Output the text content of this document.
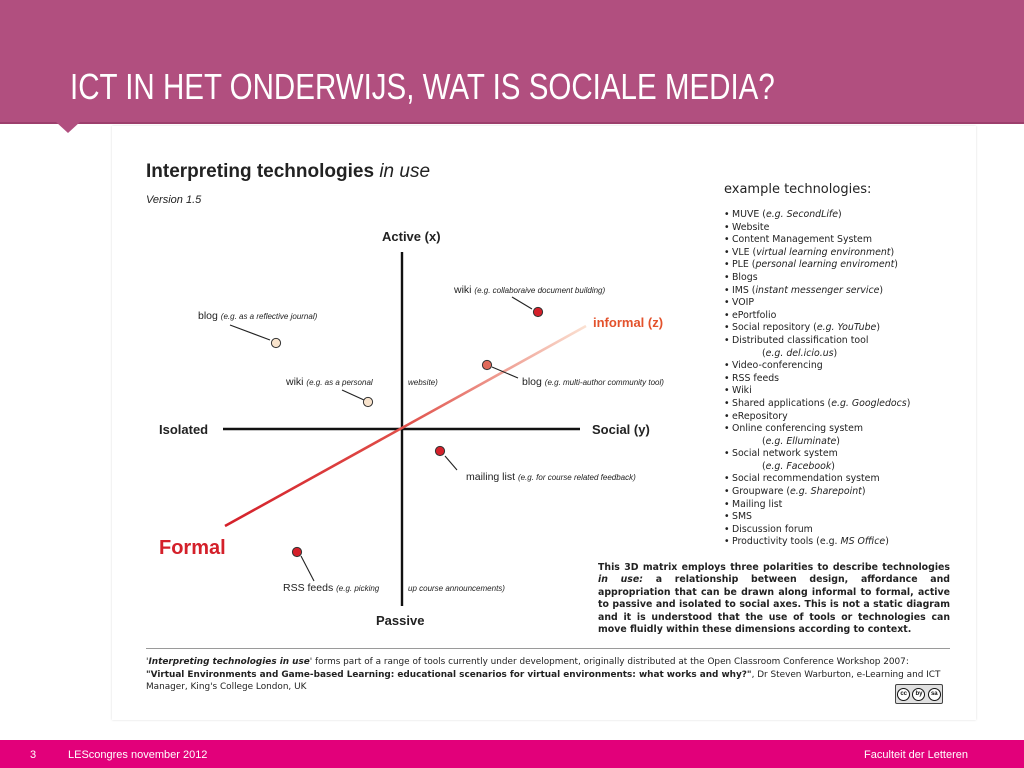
ICT IN HET ONDERWIJS, WAT IS SOCIALE MEDIA?
Interpreting technologies in use
Version 1.5
Active (x)
Passive
Isolated	Social (y)
informal (z)
Formal
blog (e.g. as a reflective journal)
wiki (e.g. collaboraive document building)
wiki (e.g. as a personal	website)	blog (e.g. multi-author community tool)
mailing list (e.g. for course related feedback)
RSS feeds (e.g. picking	up course announcements)
example technologies:
• MUVE (e.g. SecondLife)
• Website
• Content Management System
• VLE (virtual learning environment)
• PLE (personal learning enviroment)
• Blogs
• IMS (instant messenger service)
• VOIP
• ePortfolio
• Social repository (e.g. YouTube)
• Distributed classification tool
(e.g. del.icio.us)
• Video-conferencing
• RSS feeds
• Wiki
• Shared applications (e.g. Googledocs)
• eRepository
• Online conferencing system
(e.g. Elluminate)
• Social network system
(e.g. Facebook)
• Social recommendation system
• Groupware (e.g. Sharepoint)
• Mailing list
• SMS
• Discussion forum
• Productivity tools (e.g. MS Office)

This 3D matrix employs three polarities to describe technologies in use: a relationship between design, affordance and appropriation that can be drawn along informal to formal, active to passive and isolated to social axes. This is not a static diagram and it is understood that the use of tools or technologies can move fluidly within these dimensions according to context.

'Interpreting technologies in use' forms part of a range of tools currently under development, originally distributed at the Open Classroom Conference Workshop 2007:
"Virtual Environments and Game-based Learning: educational scenarios for virtual environments: what works and why?", Dr Steven Warburton, e-Learning and ICT Manager, King's College London, UK

cc	by	sa
3	LEScongres november 2012	Faculteit der Letteren
